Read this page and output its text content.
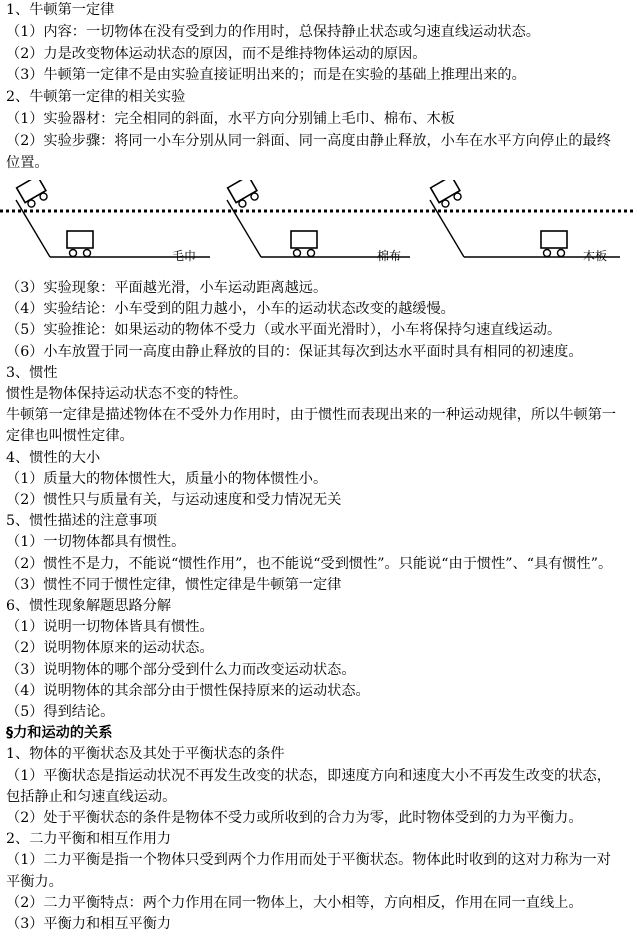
1、牛顿第一定律
（1）内容：一切物体在没有受到力的作用时，总保持静止状态或匀速直线运动状态。
（2）力是改变物体运动状态的原因，而不是维持物体运动的原因。
（3）牛顿第一定律不是由实验直接证明出来的；而是在实验的基础上推理出来的。
2、牛顿第一定律的相关实验
（1）实验器材：完全相同的斜面，水平方向分别铺上毛巾、棉布、木板
（2）实验步骤：将同一小车分别从同一斜面、同一高度由静止释放，小车在水平方向停止的最终
位置。
毛巾	棉布	木板
（3）实验现象：平面越光滑，小车运动距离越远。
（4）实验结论：小车受到的阻力越小，小车的运动状态改变的越缓慢。
（5）实验推论：如果运动的物体不受力（或水平面光滑时），小车将保持匀速直线运动。
（6）小车放置于同一高度由静止释放的目的：保证其每次到达水平面时具有相同的初速度。
3、惯性
惯性是物体保持运动状态不变的特性。
牛顿第一定律是描述物体在不受外力作用时，由于惯性而表现出来的一种运动规律，所以牛顿第一
定律也叫惯性定律。
4、惯性的大小
（1）质量大的物体惯性大，质量小的物体惯性小。
（2）惯性只与质量有关，与运动速度和受力情况无关
5、惯性描述的注意事项
（1）一切物体都具有惯性。
（2）惯性不是力，不能说“惯性作用”，也不能说“受到惯性”。只能说“由于惯性”、“具有惯性”。
（3）惯性不同于惯性定律，惯性定律是牛顿第一定律
6、惯性现象解题思路分解
（1）说明一切物体皆具有惯性。
（2）说明物体原来的运动状态。
（3）说明物体的哪个部分受到什么力而改变运动状态。
（4）说明物体的其余部分由于惯性保持原来的运动状态。
（5）得到结论。
§力和运动的关系
1、物体的平衡状态及其处于平衡状态的条件
（1）平衡状态是指运动状况不再发生改变的状态，即速度方向和速度大小不再发生改变的状态，
包括静止和匀速直线运动。
（2）处于平衡状态的条件是物体不受力或所收到的合力为零，此时物体受到的力为平衡力。
2、二力平衡和相互作用力
（1）二力平衡是指一个物体只受到两个力作用而处于平衡状态。物体此时收到的这对力称为一对
平衡力。
（2）二力平衡特点：两个力作用在同一物体上，大小相等，方向相反，作用在同一直线上。
（3）平衡力和相互平衡力
